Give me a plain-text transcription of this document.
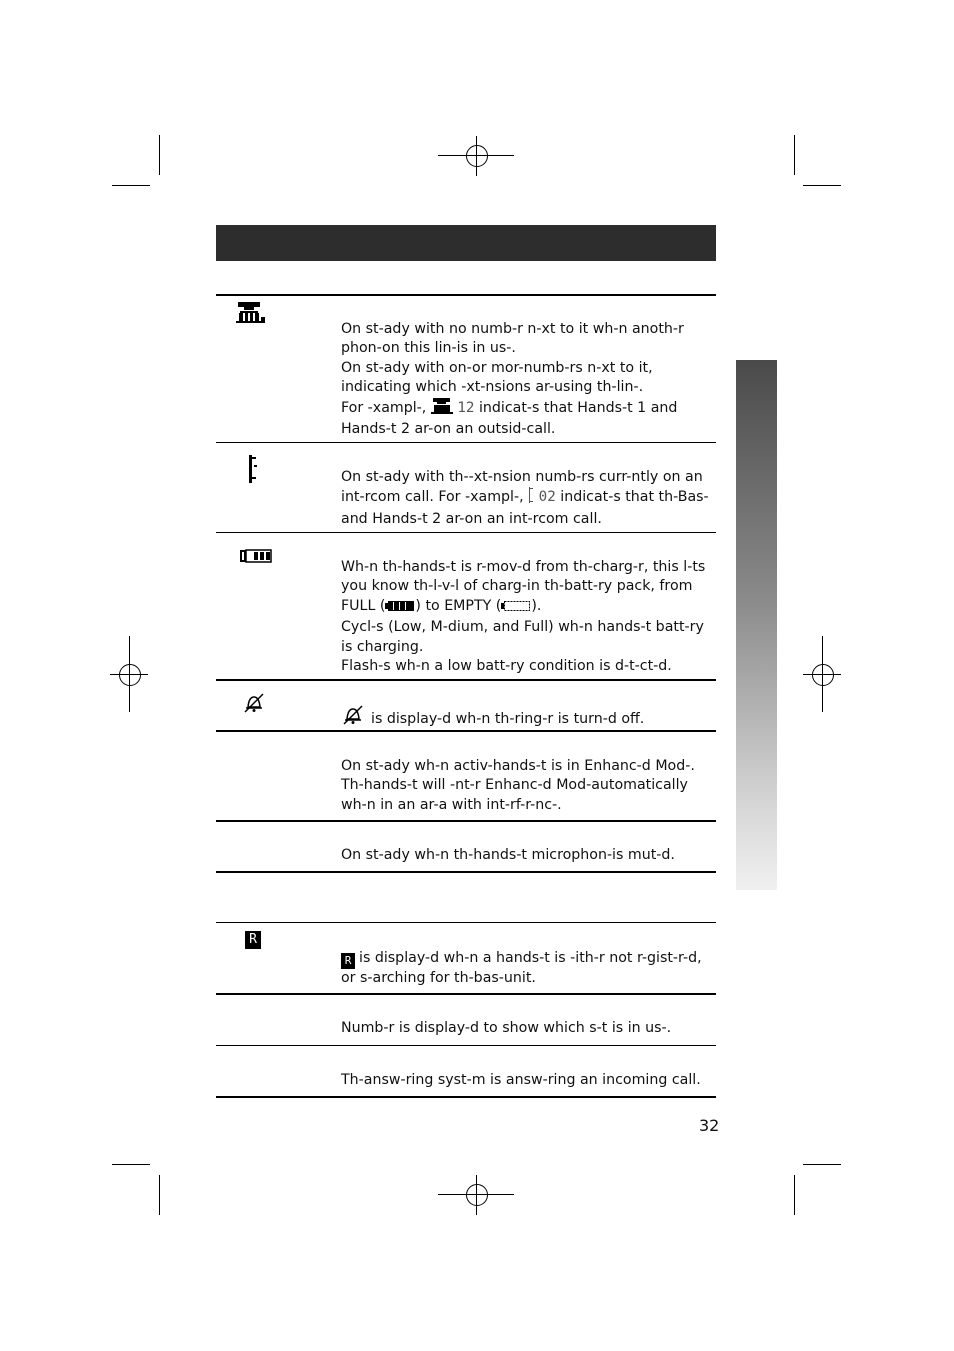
On st-ady with no numb-r n-xt to it wh-n anoth-r phon-on this lin-is in us-.

On st-ady with on-or mor-numb-rs n-xt to it, indicating which -xt-nsions ar-using th-lin-.

For -xampl-, 12 indicat-s that Hands-t 1 and Hands-t 2 ar-on an outsid-call.

On st-ady with th--xt-nsion numb-rs curr-ntly on an int-rcom call. For -xampl-, 02 indicat-s that th-Bas-and Hands-t 2 ar-on an int-rcom call.

Wh-n th-hands-t is r-mov-d from th-charg-r, this l-ts you know th-l-v-l of charg-in th-batt-ry pack, from FULL ( ) to EMPTY ( ).

Cycl-s (Low, M-dium, and Full) wh-n hands-t batt-ry is charging.

Flash-s wh-n a low batt-ry condition is d-t-ct-d.

is display-d wh-n th-ring-r is turn-d off.

On st-ady wh-n activ-hands-t is in Enhanc-d Mod-. Th-hands-t will -nt-r Enhanc-d Mod-automatically wh-n in an ar-a with int-rf-r-nc-.

On st-ady wh-n th-hands-t microphon-is mut-d.

R

R is display-d wh-n a hands-t is -ith-r not r-gist-r-d, or s-arching for th-bas-unit.

Numb-r is display-d to show which s-t is in us-.

Th-answ-ring syst-m is answ-ring an incoming call.

32
